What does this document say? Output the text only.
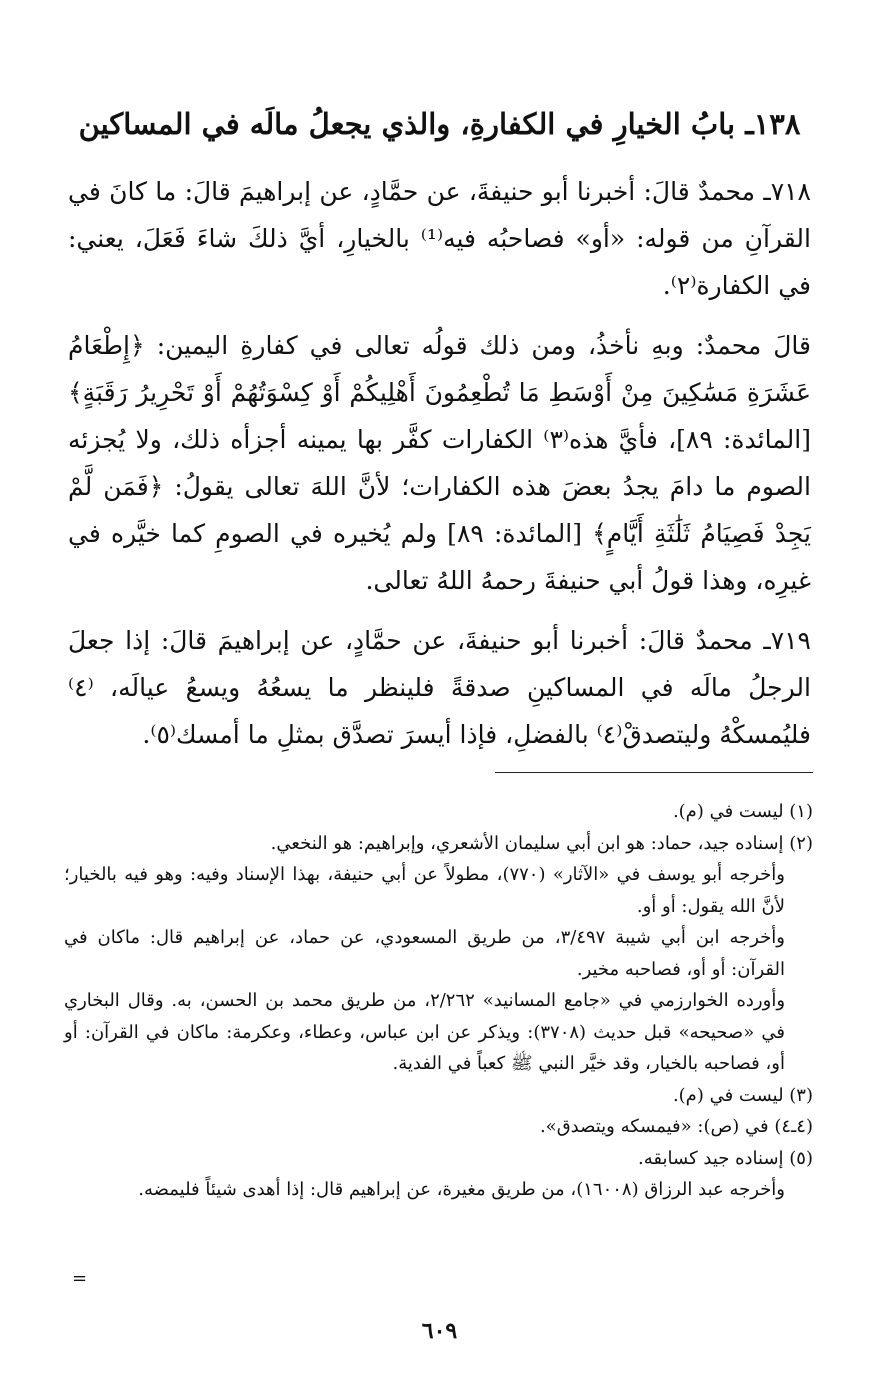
١٣٨ـ بابُ الخيارِ في الكفارةِ، والذي يجعلُ مالَه في المساكين

٧١٨ـ محمدٌ قالَ: أخبرنا أبو حنيفةَ، عن حمَّادٍ، عن إبراهيمَ قالَ: ما كانَ في القرآنِ من قوله: «أو» فصاحبُه فيه⁽¹⁾ بالخيارِ، أيَّ ذلكَ شاءَ فَعَلَ، يعني: في الكفارة⁽٢⁾.

قالَ محمدٌ: وبهِ نأخذُ، ومن ذلك قولُه تعالى في كفارةِ اليمين: ﴿إِطْعَامُ عَشَرَةِ مَسَٰكِينَ مِنْ أَوْسَطِ مَا تُطْعِمُونَ أَهْلِيكُمْ أَوْ كِسْوَتُهُمْ أَوْ تَحْرِيرُ رَقَبَةٍ﴾ [المائدة: ٨٩]، فأيَّ هذه⁽٣⁾ الكفارات كفَّر بها يمينه أجزأه ذلك، ولا يُجزئه الصوم ما دامَ يجدُ بعضَ هذه الكفارات؛ لأنَّ اللهَ تعالى يقولُ: ﴿فَمَن لَّمْ يَجِدْ فَصِيَامُ ثَلَٰثَةِ أَيَّامٍ﴾ [المائدة: ٨٩] ولم يُخيره في الصومِ كما خيَّره في غيرِه، وهذا قولُ أبي حنيفةَ رحمهُ اللهُ تعالى.

٧١٩ـ محمدٌ قالَ: أخبرنا أبو حنيفةَ، عن حمَّادٍ، عن إبراهيمَ قالَ: إذا جعلَ الرجلُ مالَه في المساكينِ صدقةً فلينظر ما يسعُهُ ويسعُ عيالَه، ⁽٤⁾فليُمسكْهُ وليتصدقْ⁽٤⁾ بالفضلِ، فإذا أيسرَ تصدَّق بمثلِ ما أمسك⁽٥⁾.

(١) ليست في (م).

(٢) إسناده جيد، حماد: هو ابن أبي سليمان الأشعري، وإبراهيم: هو النخعي.

وأخرجه أبو يوسف في «الآثار» (٧٧٠)، مطولاً عن أبي حنيفة، بهذا الإسناد وفيه: وهو فيه بالخيار؛ لأنَّ الله يقول: أو أو.

وأخرجه ابن أبي شيبة ٣/٤٩٧، من طريق المسعودي، عن حماد، عن إبراهيم قال: ماكان في القرآن: أو أو، فصاحبه مخير.

وأورده الخوارزمي في «جامع المسانيد» ٢/٢٦٢، من طريق محمد بن الحسن، به. وقال البخاري في «صحيحه» قبل حديث (٣٧٠٨): ويذكر عن ابن عباس، وعطاء، وعكرمة: ماكان في القرآن: أو أو، فصاحبه بالخيار، وقد خيَّر النبي ﷺ كعباً في الفدية.

(٣) ليست في (م).

(٤ـ٤) في (ص): «فيمسكه ويتصدق».

(٥) إسناده جيد كسابقه.

وأخرجه عبد الرزاق (١٦٠٠٨)، من طريق مغيرة، عن إبراهيم قال: إذا أهدى شيئاً فليمضه.

=
٦٠٩
